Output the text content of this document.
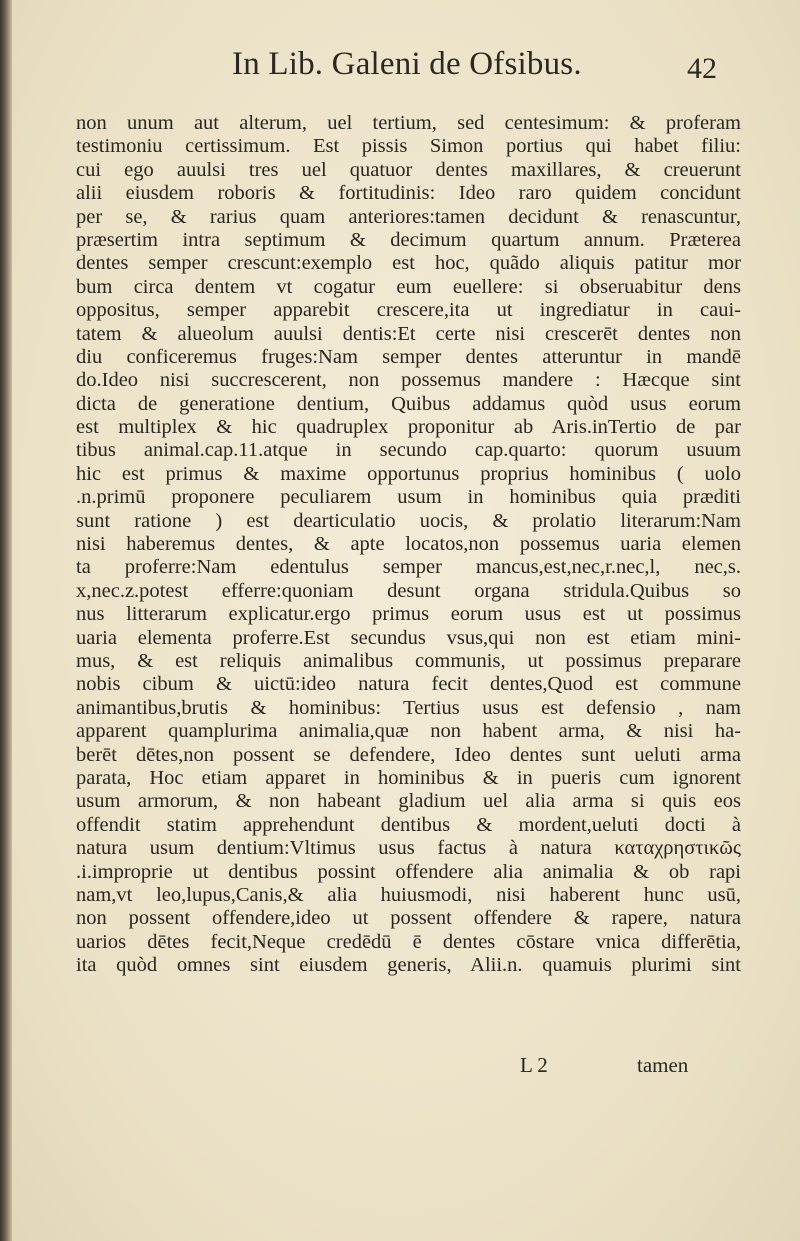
In Lib. Galeni de Ofsibus.	42
non unum aut alterum, uel tertium, sed centesimum: & proferam
testimoniu certissimum. Est pissis Simon portius qui habet filiu:
cui ego auulsi tres uel quatuor dentes maxillares, & creuerunt
alii eiusdem roboris & fortitudinis: Ideo raro quidem concidunt
per se, & rarius quam anteriores:tamen decidunt & renascuntur,
præsertim intra septimum & decimum quartum annum. Præterea
dentes semper crescunt:exemplo est hoc, quãdo aliquis patitur mor
bum circa dentem vt cogatur eum euellere: si obseruabitur dens
oppositus, semper apparebit crescere,ita ut ingrediatur in caui-
tatem & alueolum auulsi dentis:Et certe nisi crescerēt dentes non
diu conficeremus fruges:Nam semper dentes atteruntur in mandē
do.Ideo nisi succrescerent, non possemus mandere : Hæcque sint
dicta de generatione dentium, Quibus addamus quòd usus eorum
est multiplex & hic quadruplex proponitur ab Aris.inTertio de par
tibus animal.cap.11.atque in secundo cap.quarto: quorum usuum
hic est primus & maxime opportunus proprius hominibus ( uolo
.n.primū proponere peculiarem usum in hominibus quia præditi
sunt ratione ) est dearticulatio uocis, & prolatio literarum:Nam
nisi haberemus dentes, & apte locatos,non possemus uaria elemen
ta proferre:Nam edentulus semper mancus,est,nec,r.nec,l, nec,s.
x,nec.z.potest efferre:quoniam desunt organa stridula.Quibus so
nus litterarum explicatur.ergo primus eorum usus est ut possimus
uaria elementa proferre.Est secundus vsus,qui non est etiam mini-
mus, & est reliquis animalibus communis, ut possimus preparare
nobis cibum & uictū:ideo natura fecit dentes,Quod est commune
animantibus,brutis & hominibus: Tertius usus est defensio , nam
apparent quamplurima animalia,quæ non habent arma, & nisi ha-
berēt dētes,non possent se defendere, Ideo dentes sunt ueluti arma
parata, Hoc etiam apparet in hominibus & in pueris cum ignorent
usum armorum, & non habeant gladium uel alia arma si quis eos
offendit statim apprehendunt dentibus & mordent,ueluti docti à
natura usum dentium:Vltimus usus factus à natura καταχρηστικῶς
.i.improprie ut dentibus possint offendere alia animalia & ob rapi
nam,vt leo,lupus,Canis,& alia huiusmodi, nisi haberent hunc usū,
non possent offendere,ideo ut possent offendere & rapere, natura
uarios dētes fecit,Neque credēdū ē dentes cōstare vnica differētia,
ita quòd omnes sint eiusdem generis, Alii.n. quamuis plurimi sint
L 2	tamen
